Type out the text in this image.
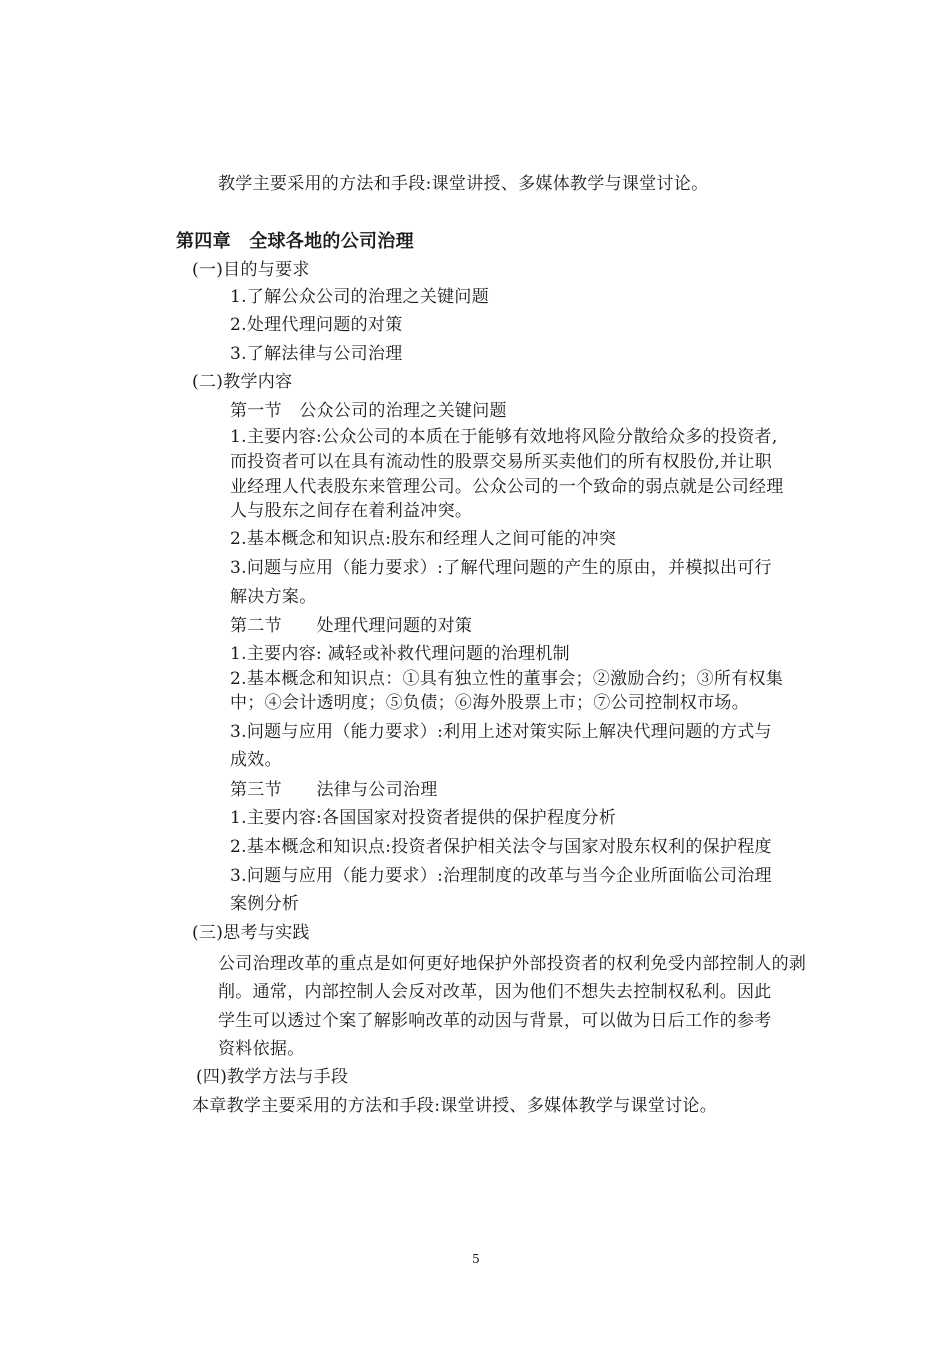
教学主要采用的方法和手段:课堂讲授、多媒体教学与课堂讨论。
第四章　全球各地的公司治理
(一)目的与要求
1.了解公众公司的治理之关键问题
2.处理代理问题的对策
3.了解法律与公司治理
(二)教学内容
第一节　公众公司的治理之关键问题
1.主要内容:公众公司的本质在于能够有效地将风险分散给众多的投资者,
而投资者可以在具有流动性的股票交易所买卖他们的所有权股份,并让职
业经理人代表股东来管理公司。公众公司的一个致命的弱点就是公司经理
人与股东之间存在着利益冲突。
2.基本概念和知识点:股东和经理人之间可能的冲突
3.问题与应用（能力要求）:了解代理问题的产生的原由，并模拟出可行
解决方案。
第二节　　处理代理问题的对策
1.主要内容: 减轻或补救代理问题的治理机制
2.基本概念和知识点：①具有独立性的董事会；②激励合约；③所有权集
中；④会计透明度；⑤负债；⑥海外股票上市；⑦公司控制权市场。
3.问题与应用（能力要求）:利用上述对策实际上解决代理问题的方式与
成效。
第三节　　法律与公司治理
1.主要内容:各国国家对投资者提供的保护程度分析
2.基本概念和知识点:投资者保护相关法令与国家对股东权利的保护程度
3.问题与应用（能力要求）:治理制度的改革与当今企业所面临公司治理
案例分析
(三)思考与实践
公司治理改革的重点是如何更好地保护外部投资者的权利免受内部控制人的剥
削。通常，内部控制人会反对改革，因为他们不想失去控制权私利。因此
学生可以透过个案了解影响改革的动因与背景，可以做为日后工作的参考
资料依据。
(四)教学方法与手段
本章教学主要采用的方法和手段:课堂讲授、多媒体教学与课堂讨论。
5
